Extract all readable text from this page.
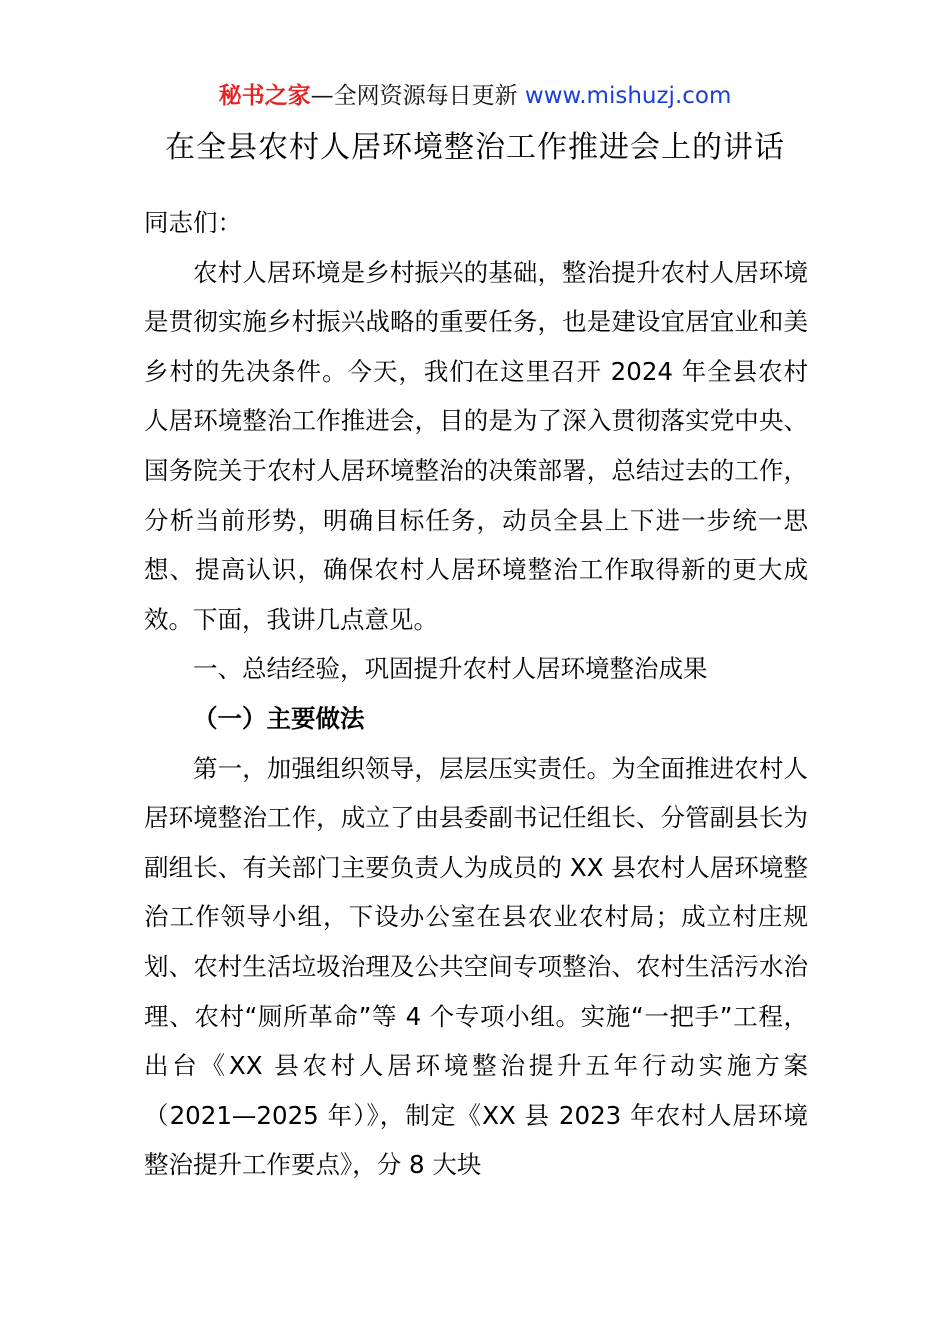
秘书之家—全网资源每日更新 www.mishuzj.com
在全县农村人居环境整治工作推进会上的讲话

同志们：

农村人居环境是乡村振兴的基础，整治提升农村人居环境是贯彻实施乡村振兴战略的重要任务，也是建设宜居宜业和美乡村的先决条件。今天，我们在这里召开 2024 年全县农村人居环境整治工作推进会，目的是为了深入贯彻落实党中央、国务院关于农村人居环境整治的决策部署，总结过去的工作，分析当前形势，明确目标任务，动员全县上下进一步统一思想、提高认识，确保农村人居环境整治工作取得新的更大成效。下面，我讲几点意见。

一、总结经验，巩固提升农村人居环境整治成果

（一）主要做法

第一，加强组织领导，层层压实责任。为全面推进农村人居环境整治工作，成立了由县委副书记任组长、分管副县长为副组长、有关部门主要负责人为成员的 XX 县农村人居环境整治工作领导小组，下设办公室在县农业农村局；成立村庄规划、农村生活垃圾治理及公共空间专项整治、农村生活污水治理、农村“厕所革命”等 4 个专项小组。实施“一把手”工程，出台《XX 县农村人居环境整治提升五年行动实施方案（2021—2025 年）》，制定《XX 县 2023 年农村人居环境整治提升工作要点》，分 8 大块
